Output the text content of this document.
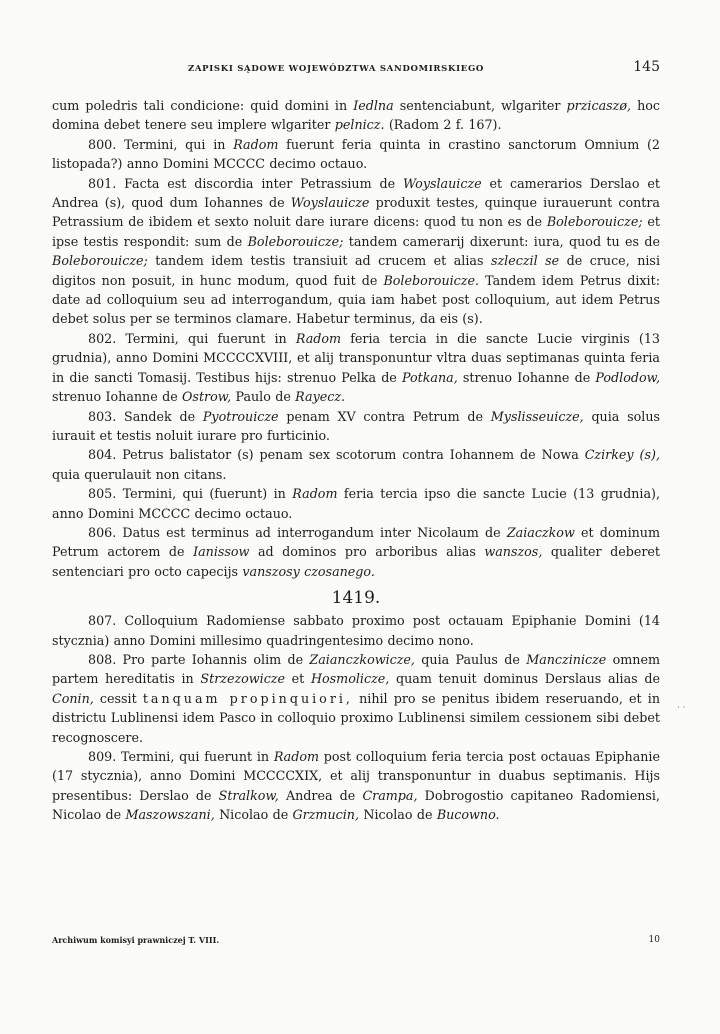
ZAPISKI SĄDOWE WOJEWÓDZTWA SANDOMIRSKIEGO	145

cum poledris tali condicione: quid domini in Iedlna sentenciabunt, wlgariter przicaszø, hoc domina debet tenere seu implere wlgariter pelnicz. (Radom 2 f. 167).

800. Termini, qui in Radom fuerunt feria quinta in crastino sanctorum Omnium (2 listopada?) anno Domini MCCCC decimo octauo.

801. Facta est discordia inter Petrassium de Woyslauicze et camerarios Derslao et Andrea (s), quod dum Iohannes de Woyslauicze produxit testes, quinque iurauerunt contra Petrassium de ibidem et sexto noluit dare iurare dicens: quod tu non es de Boleborouicze; et ipse testis respondit: sum de Boleborouicze; tandem camerarij dixerunt: iura, quod tu es de Boleborouicze; tandem idem testis transiuit ad crucem et alias szleczil se de cruce, nisi digitos non posuit, in hunc modum, quod fuit de Boleborouicze. Tandem idem Petrus dixit: date ad colloquium seu ad interrogandum, quia iam habet post colloquium, aut idem Petrus debet solus per se terminos clamare. Habetur terminus, da eis (s).

802. Termini, qui fuerunt in Radom feria tercia in die sancte Lucie virginis (13 grudnia), anno Domini MCCCCXVIII, et alij transponuntur vltra duas septimanas quinta feria in die sancti Tomasij. Testibus hijs: strenuo Pelka de Potkana, strenuo Iohanne de Podlodow, strenuo Iohanne de Ostrow, Paulo de Rayecz.

803. Sandek de Pyotrouicze penam XV contra Petrum de Myslisseuicze, quia solus iurauit et testis noluit iurare pro furticinio.

804. Petrus balistator (s) penam sex scotorum contra Iohannem de Nowa Czirkey (s), quia querulauit non citans.

805. Termini, qui (fuerunt) in Radom feria tercia ipso die sancte Lucie (13 grudnia), anno Domini MCCCC decimo octauo.

806. Datus est terminus ad interrogandum inter Nicolaum de Zaiaczkow et dominum Petrum actorem de Ianissow ad dominos pro arboribus alias wanszos, qualiter deberet sentenciari pro octo capecijs vanszosy czosanego.

1419.

807. Colloquium Radomiense sabbato proximo post octauam Epiphanie Domini (14 stycznia) anno Domini millesimo quadringentesimo decimo nono.

808. Pro parte Iohannis olim de Zaianczkowicze, quia Paulus de Manczinicze omnem partem hereditatis in Strzezowicze et Hosmolicze, quam tenuit dominus Derslaus alias de Conin, cessit tanquam propinquiori, nihil pro se penitus ibidem reseruando, et in districtu Lublinensi idem Pasco in colloquio proximo Lublinensi similem cessionem sibi debet recognoscere.

809. Termini, qui fuerunt in Radom post colloquium feria tercia post octauas Epiphanie (17 stycznia), anno Domini MCCCCXIX, et alij transponuntur in duabus septimanis. Hijs presentibus: Derslao de Stralkow, Andrea de Crampa, Dobrogostio capitaneo Radomiensi, Nicolao de Maszowszani, Nicolao de Grzmucin, Nicolao de Bucowno.

Archiwum komisyi prawniczej T. VIII.	10
· ·
